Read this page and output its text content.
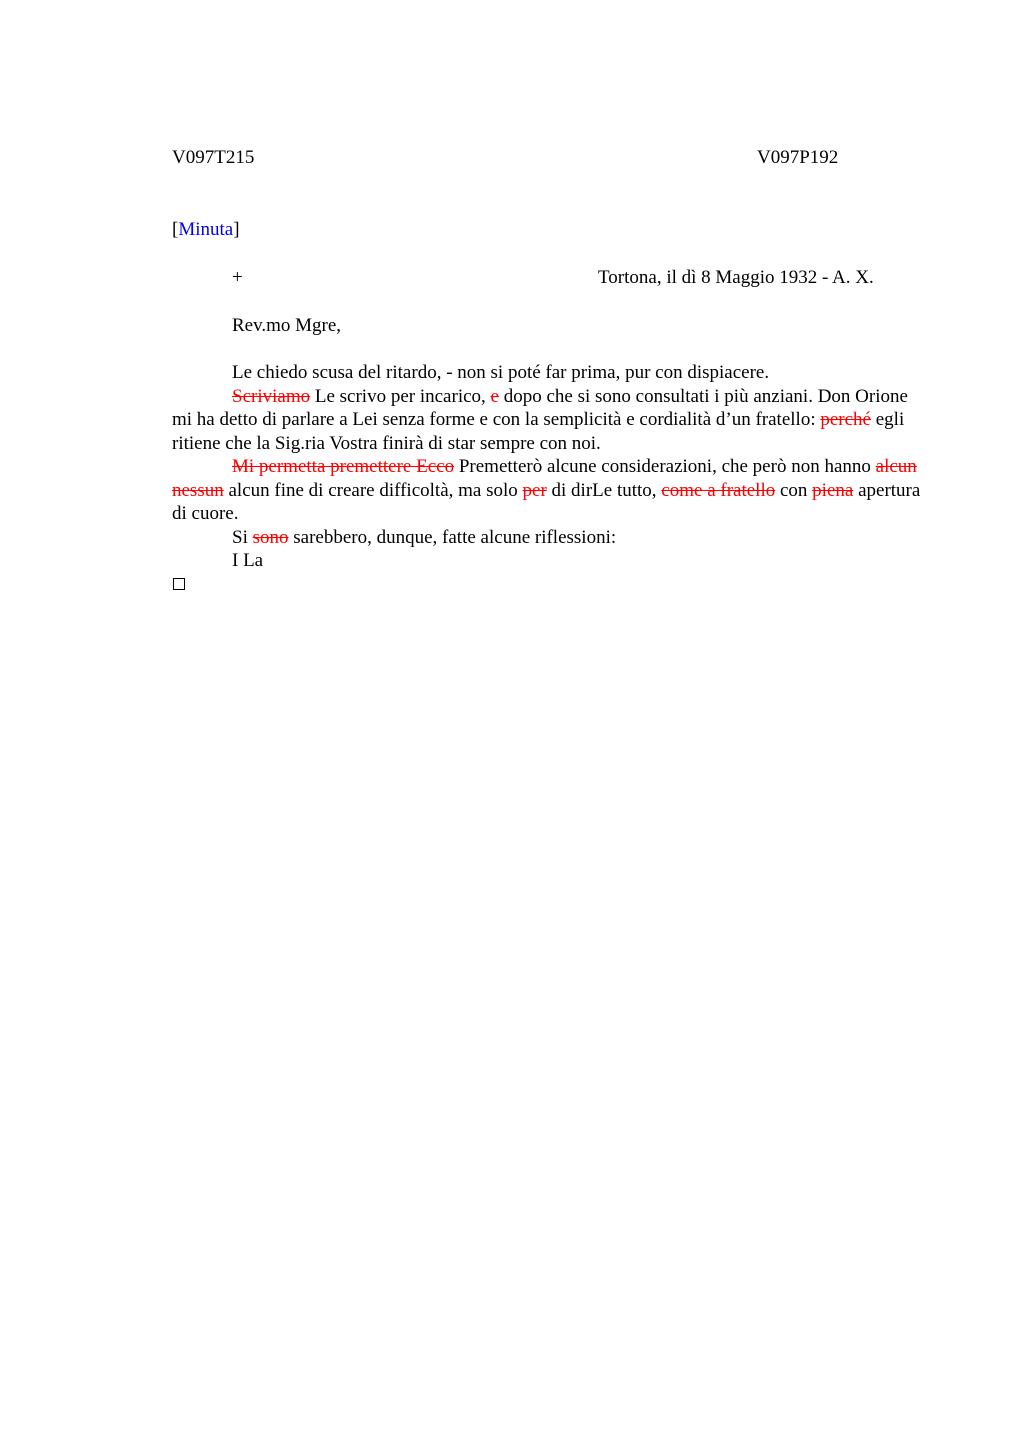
V097T215	V097P192
[Minuta]
+	Tortona, il dì 8 Maggio 1932 - A. X.
Rev.mo Mgre,
Le chiedo scusa del ritardo, - non si poté far prima, pur con dispiacere.
Scriviamo Le scrivo per incarico, e dopo che si sono consultati i più anziani. Don Orione mi ha detto di parlare a Lei senza forme e con la semplicità e cordialità d’un fratello: perché egli ritiene che la Sig.ria Vostra finirà di star sempre con noi.
Mi permetta premettere Ecco Premetterò alcune considerazioni, che però non hanno alcun nessun alcun fine di creare difficoltà, ma solo per di dirLe tutto, come a fratello con piena apertura di cuore.
Si sono sarebbero, dunque, fatte alcune riflessioni:
I La
